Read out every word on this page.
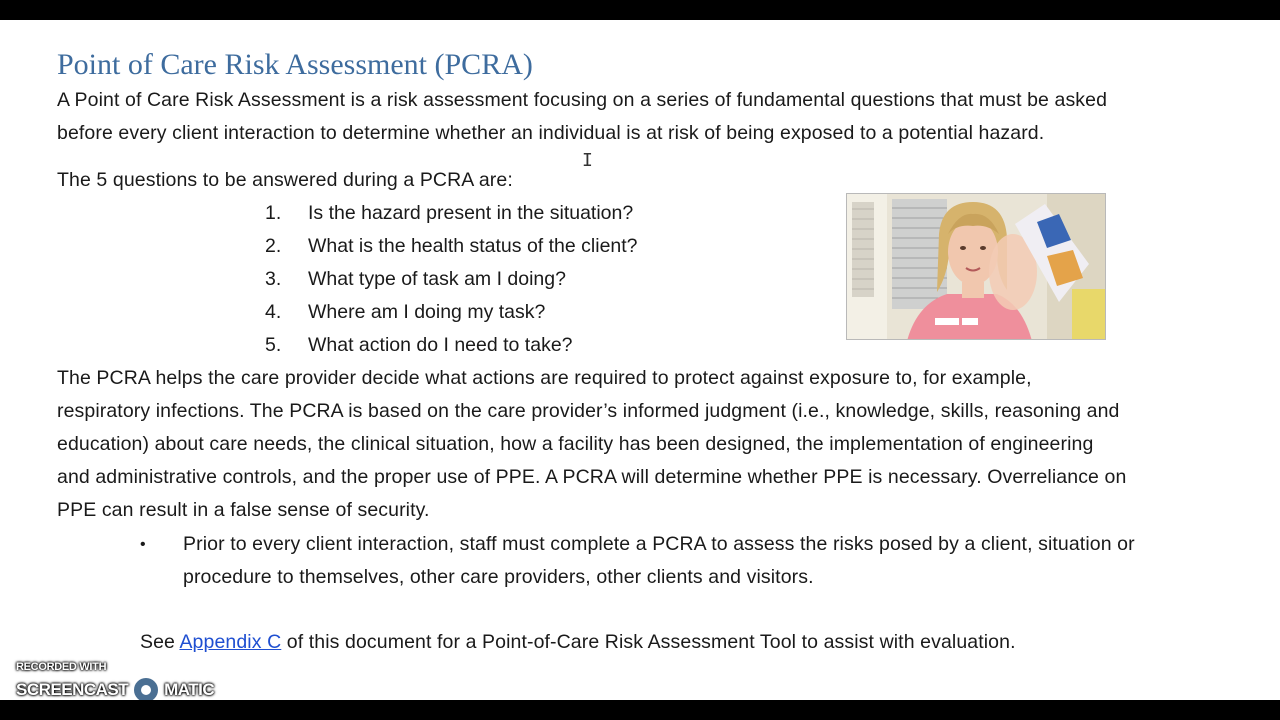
Point of Care Risk Assessment (PCRA)
A Point of Care Risk Assessment is a risk assessment focusing on a series of fundamental questions that must be asked
before every client interaction to determine whether an individual is at risk of being exposed to a potential hazard.
The 5 questions to be answered during a PCRA are:
1.	Is the hazard present in the situation?
2.	What is the health status of the client?
3.	What type of task am I doing?
4.	Where am I doing my task?
5.	What action do I need to take?
The PCRA helps the care provider decide what actions are required to protect against exposure to, for example,
respiratory infections. The PCRA is based on the care provider’s informed judgment (i.e., knowledge, skills, reasoning and
education) about care needs, the clinical situation, how a facility has been designed, the implementation of engineering
and administrative controls, and the proper use of PPE. A PCRA will determine whether PPE is necessary. Overreliance on
PPE can result in a false sense of security.
• Prior to every client interaction, staff must complete a PCRA to assess the risks posed by a client, situation or
procedure to themselves, other care providers, other clients and visitors.
See Appendix C of this document for a Point-of-Care Risk Assessment Tool to assist with evaluation.
I
RECORDED WITH
SCREENCAST MATIC
